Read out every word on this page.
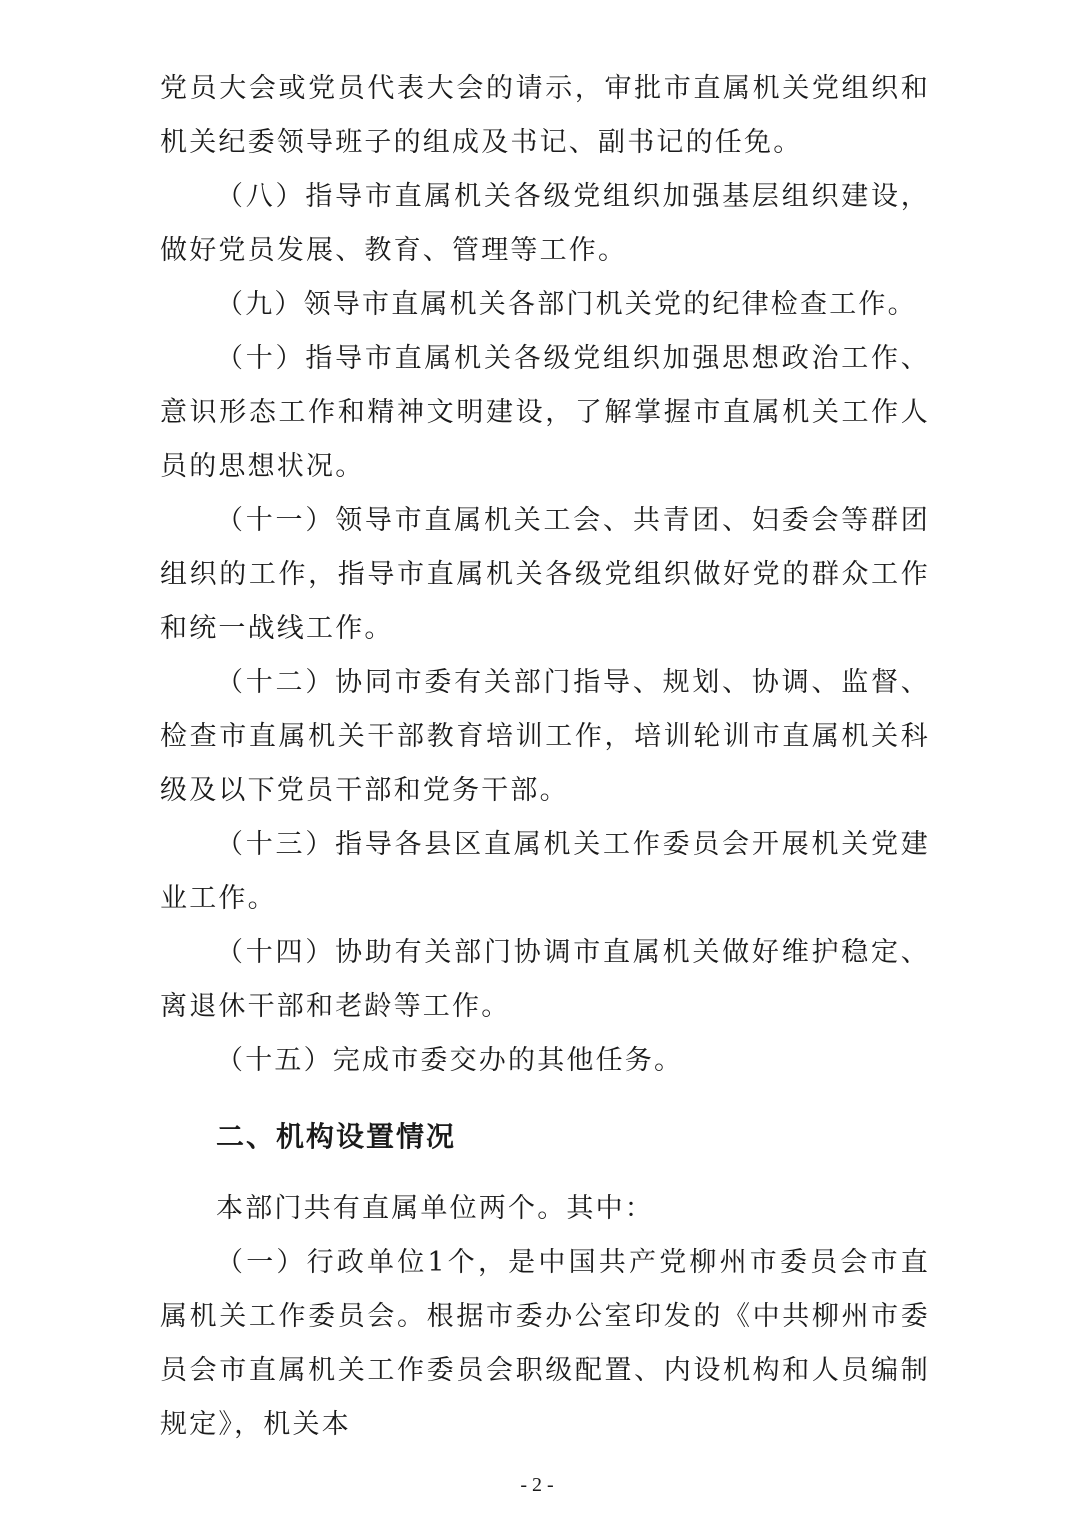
党员大会或党员代表大会的请示，审批市直属机关党组织和机关纪委领导班子的组成及书记、副书记的任免。

（八）指导市直属机关各级党组织加强基层组织建设，做好党员发展、教育、管理等工作。

（九）领导市直属机关各部门机关党的纪律检查工作。

（十）指导市直属机关各级党组织加强思想政治工作、意识形态工作和精神文明建设，了解掌握市直属机关工作人员的思想状况。

（十一）领导市直属机关工会、共青团、妇委会等群团组织的工作，指导市直属机关各级党组织做好党的群众工作和统一战线工作。

（十二）协同市委有关部门指导、规划、协调、监督、检查市直属机关干部教育培训工作，培训轮训市直属机关科级及以下党员干部和党务干部。

（十三）指导各县区直属机关工作委员会开展机关党建业工作。

（十四）协助有关部门协调市直属机关做好维护稳定、离退休干部和老龄等工作。

（十五）完成市委交办的其他任务。

二、机构设置情况

本部门共有直属单位两个。其中：

（一）行政单位1个，是中国共产党柳州市委员会市直属机关工作委员会。根据市委办公室印发的《中共柳州市委员会市直属机关工作委员会职级配置、内设机构和人员编制规定》，机关本

- 2 -
